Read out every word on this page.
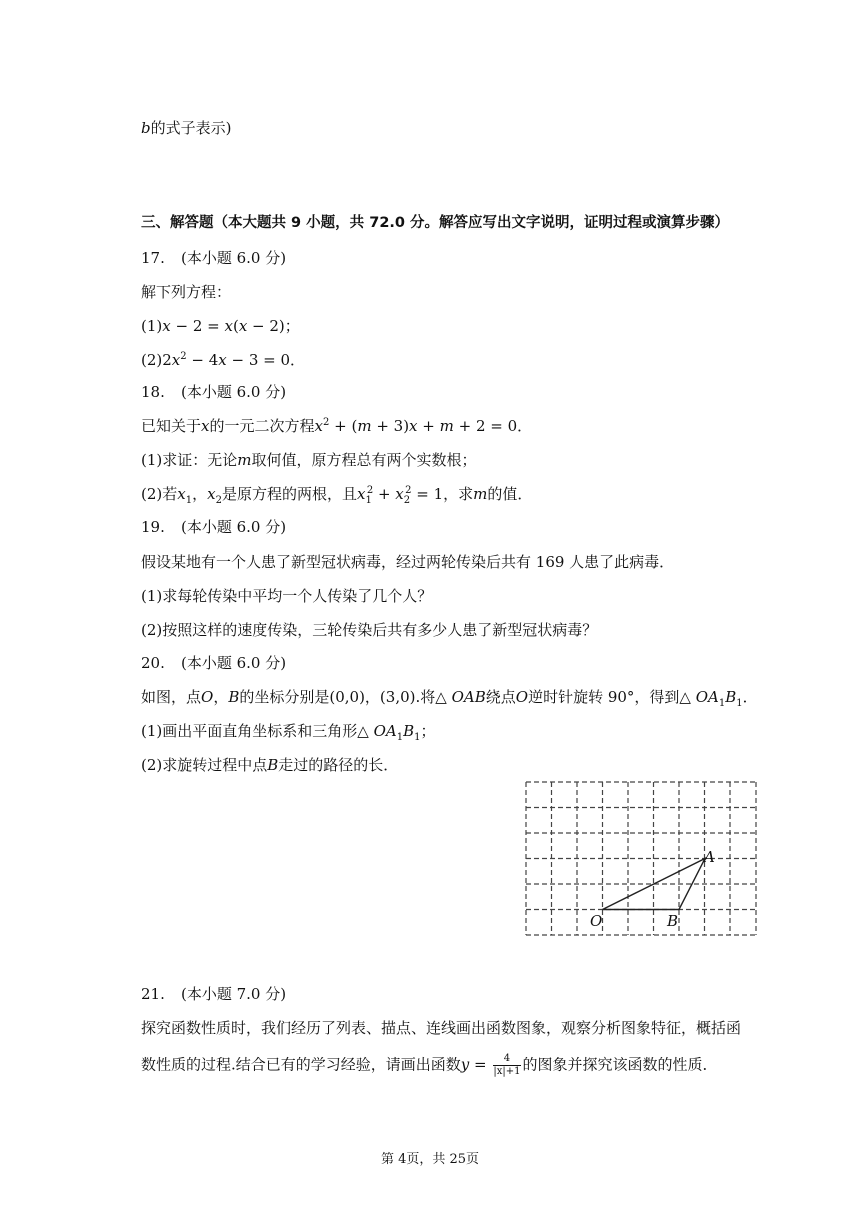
b的式子表示)
三、解答题（本大题共 9 小题，共 72.0 分。解答应写出文字说明，证明过程或演算步骤）
17. (本小题 6.0 分)
解下列方程：
(1)x − 2 = x(x − 2)；
$(2)2x^2 - 4x - 3 = 0$．
18. (本小题 6.0 分)
已知关于x的一元二次方程$x^2 + (m + 3)x + m + 2 = 0$．
(1)求证：无论m取何值，原方程总有两个实数根；
(2)若$x_1$，$x_2$是原方程的两根，且$x_1^2 + x_2^2 = 1$，求m的值．
19. (本小题 6.0 分)
假设某地有一个人患了新型冠状病毒，经过两轮传染后共有 169 人患了此病毒．
(1)求每轮传染中平均一个人传染了几个人？
(2)按照这样的速度传染，三轮传染后共有多少人患了新型冠状病毒？
20. (本小题 6.0 分)
如图，点O，B的坐标分别是(0,0)，(3,0).将△ OAB绕点O逆时针旋转 90°，得到△ $OA_1B_1$．
(1)画出平面直角坐标系和三角形△ $OA_1B_1$；
(2)求旋转过程中点B走过的路径的长．
O	B
A
21. (本小题 7.0 分)
探究函数性质时，我们经历了列表、描点、连线画出函数图象，观察分析图象特征，概括函
数性质的过程.结合已有的学习经验，请画出函数$y = \frac{4}{|x|+1}$ 的图象并探究该函数的性质．
第 4页，共 25页
